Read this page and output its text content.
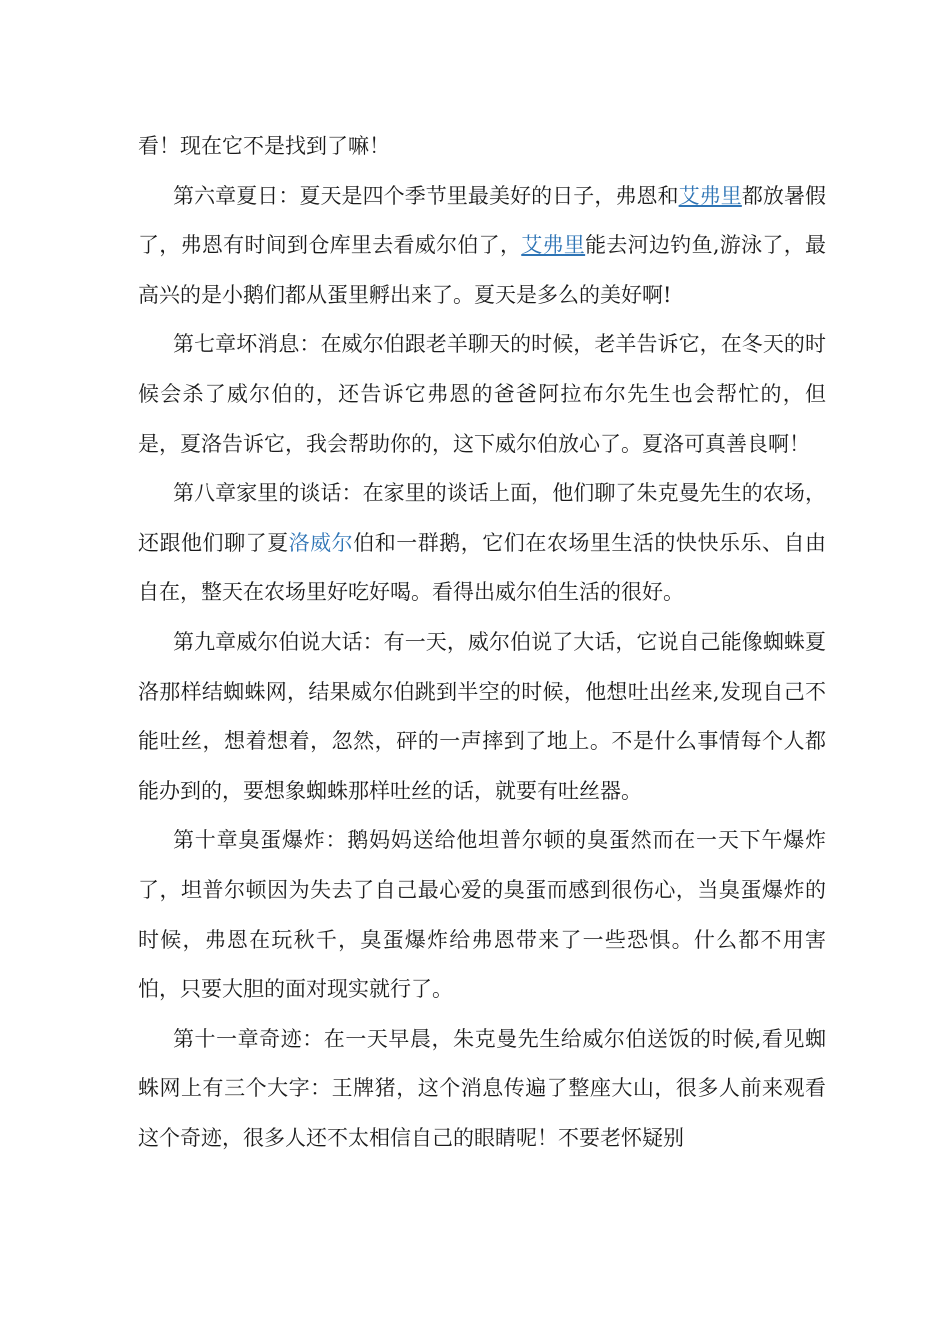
看！现在它不是找到了嘛！

第六章夏日：夏天是四个季节里最美好的日子，弗恩和艾弗里都放暑假了，弗恩有时间到仓库里去看威尔伯了，艾弗里能去河边钓鱼,游泳了，最高兴的是小鹅们都从蛋里孵出来了。夏天是多么的美好啊!

第七章坏消息：在威尔伯跟老羊聊天的时候，老羊告诉它，在冬天的时候会杀了威尔伯的，还告诉它弗恩的爸爸阿拉布尔先生也会帮忙的，但是，夏洛告诉它，我会帮助你的，这下威尔伯放心了。夏洛可真善良啊！

第八章家里的谈话：在家里的谈话上面，他们聊了朱克曼先生的农场，还跟他们聊了夏洛威尔伯和一群鹅，它们在农场里生活的快快乐乐、自由自在，整天在农场里好吃好喝。看得出威尔伯生活的很好。

第九章威尔伯说大话：有一天，威尔伯说了大话，它说自己能像蜘蛛夏洛那样结蜘蛛网，结果威尔伯跳到半空的时候，他想吐出丝来,发现自己不能吐丝，想着想着，忽然，砰的一声摔到了地上。不是什么事情每个人都能办到的，要想象蜘蛛那样吐丝的话，就要有吐丝器。

第十章臭蛋爆炸：鹅妈妈送给他坦普尔顿的臭蛋然而在一天下午爆炸了，坦普尔顿因为失去了自己最心爱的臭蛋而感到很伤心，当臭蛋爆炸的时候，弗恩在玩秋千，臭蛋爆炸给弗恩带来了一些恐惧。什么都不用害怕，只要大胆的面对现实就行了。

第十一章奇迹：在一天早晨，朱克曼先生给威尔伯送饭的时候,看见蜘蛛网上有三个大字：王牌猪，这个消息传遍了整座大山，很多人前来观看这个奇迹，很多人还不太相信自己的眼睛呢！不要老怀疑别
